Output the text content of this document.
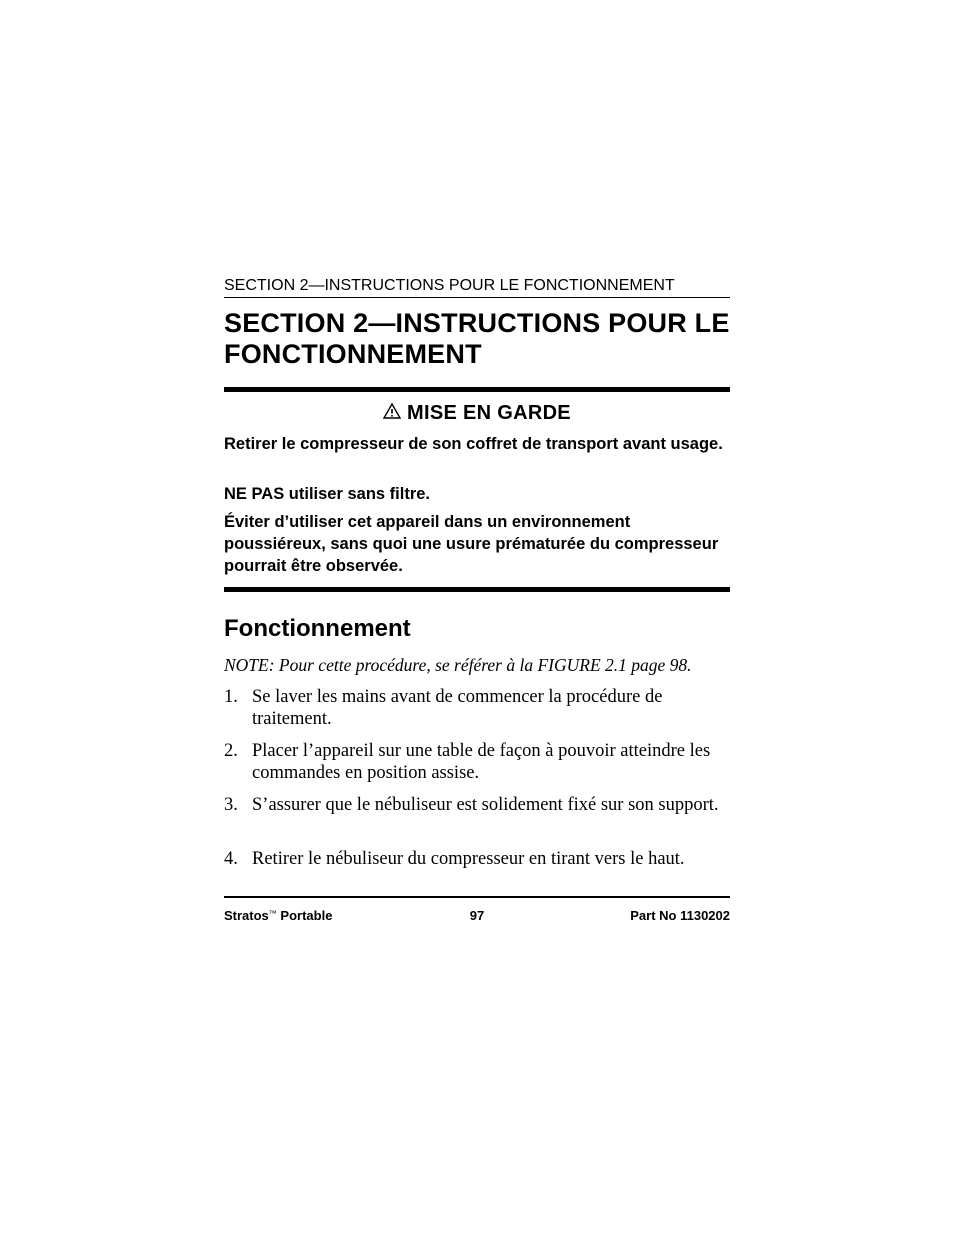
SECTION 2—INSTRUCTIONS POUR LE FONCTIONNEMENT
SECTION 2—INSTRUCTIONS POUR LE FONCTIONNEMENT
MISE EN GARDE

Retirer le compresseur de son coffret de transport avant usage.

NE PAS utiliser sans filtre.

Éviter d’utiliser cet appareil dans un environnement poussiéreux, sans quoi une usure prématurée du compresseur pourrait être observée.

Fonctionnement

NOTE: Pour cette procédure, se référer à la FIGURE 2.1 page 98.

1. Se laver les mains avant de commencer la procédure de traitement.
2. Placer l’appareil sur une table de façon à pouvoir atteindre les commandes en position assise.
3. S’assurer que le nébuliseur est solidement fixé sur son support.
4. Retirer le nébuliseur du compresseur en tirant vers le haut.
Stratos™ Portable	97	Part No 1130202
